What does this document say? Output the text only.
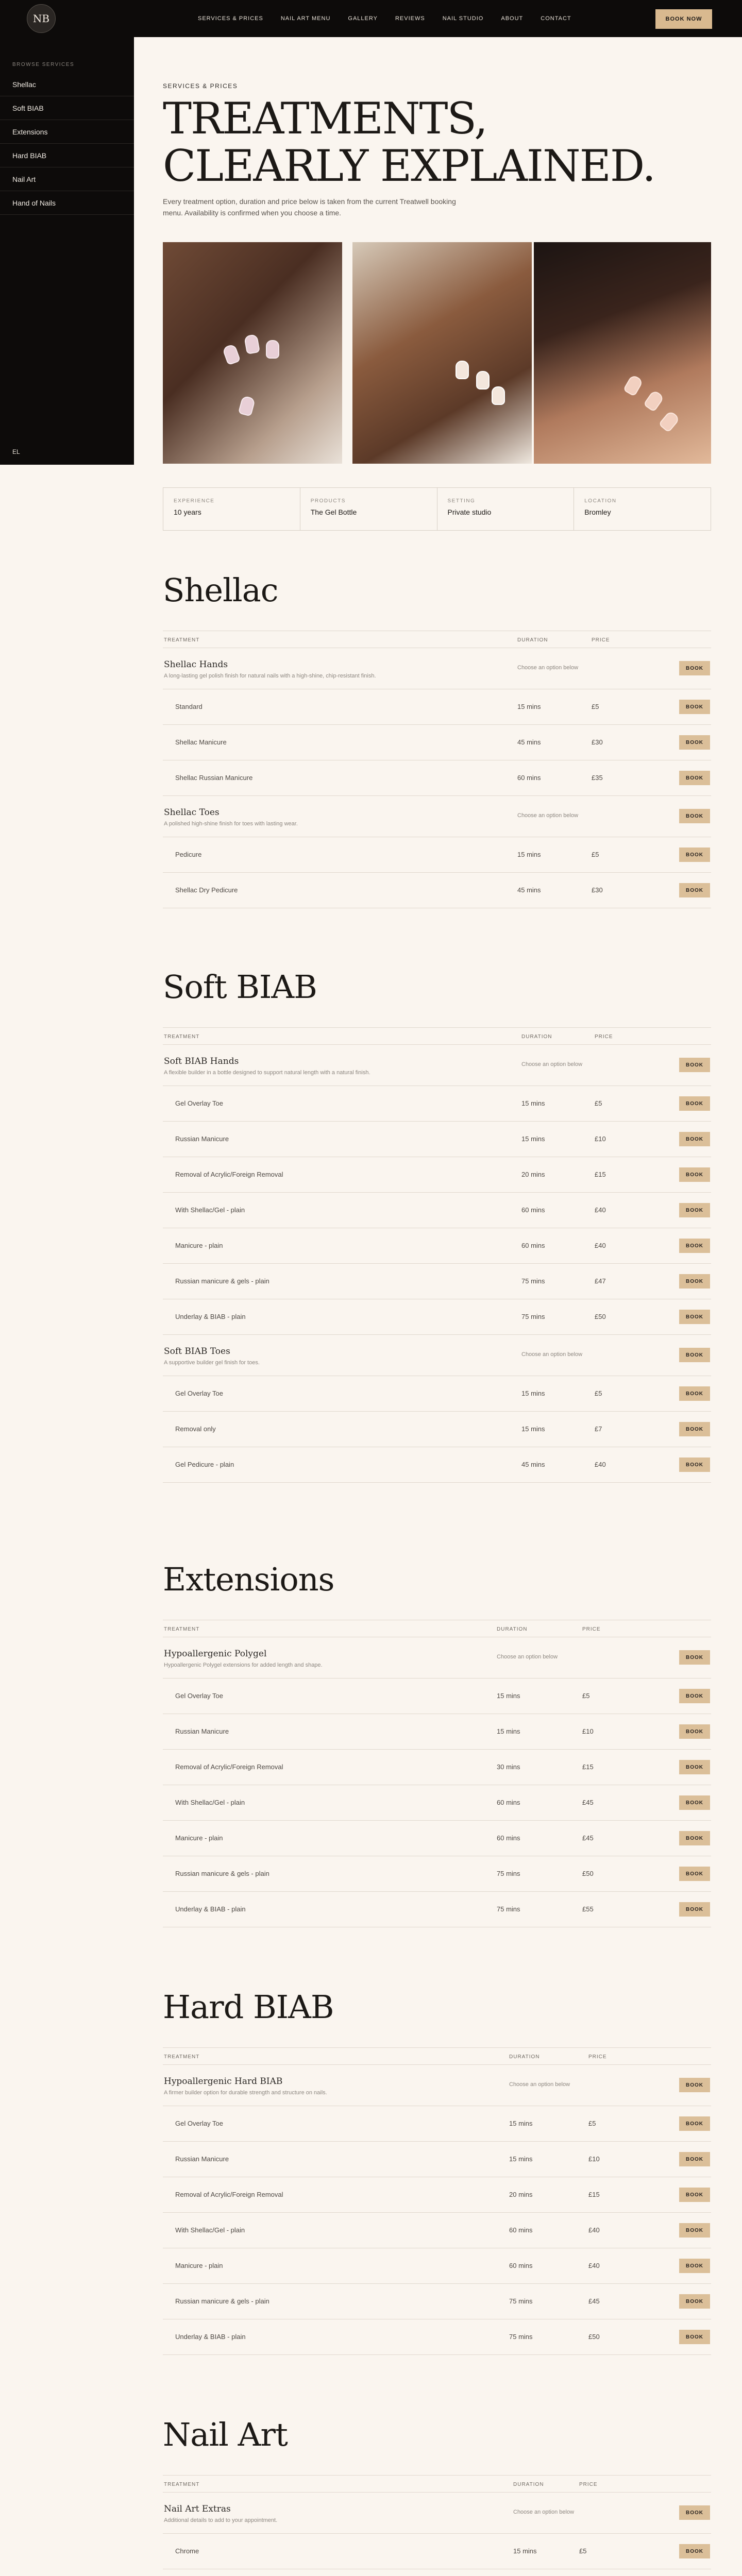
NB	SERVICES & PRICES	NAIL ART MENU	GALLERY	REVIEWS	NAIL STUDIO	ABOUT	CONTACT	BOOK NOW
BROWSE SERVICES
Shellac
Soft BIAB
Extensions
Hard BIAB
Nail Art
Hand of Nails
EL
SERVICES & PRICES
TREATMENTS, CLEARLY EXPLAINED.

Every treatment option, duration and price below is taken from the current Treatwell booking menu. Availability is confirmed when you choose a time.

EXPERIENCE
10 years
PRODUCTS
The Gel Bottle
SETTING
Private studio
LOCATION
Bromley
Shellac
TREATMENT	DURATION	PRICE
Shellac Hands
A long-lasting gel polish finish for natural nails with a high-shine, chip-resistant finish.
Choose an option below	BOOK
Standard	15 mins	£5	BOOK
Shellac Manicure	45 mins	£30	BOOK
Shellac Russian Manicure	60 mins	£35	BOOK
Shellac Toes
A polished high-shine finish for toes with lasting wear.
Choose an option below	BOOK
Pedicure	15 mins	£5	BOOK
Shellac Dry Pedicure	45 mins	£30	BOOK
Soft BIAB
TREATMENT	DURATION	PRICE
Soft BIAB Hands
A flexible builder in a bottle designed to support natural length with a natural finish.
Choose an option below	BOOK
Gel Overlay Toe	15 mins	£5	BOOK
Russian Manicure	15 mins	£10	BOOK
Removal of Acrylic/Foreign Removal	20 mins	£15	BOOK
With Shellac/Gel - plain	60 mins	£40	BOOK
Manicure - plain	60 mins	£40	BOOK
Russian manicure & gels - plain	75 mins	£47	BOOK
Underlay & BIAB - plain	75 mins	£50	BOOK
Soft BIAB Toes
A supportive builder gel finish for toes.
Choose an option below	BOOK
Gel Overlay Toe	15 mins	£5	BOOK
Removal only	15 mins	£7	BOOK
Gel Pedicure - plain	45 mins	£40	BOOK
Extensions
TREATMENT	DURATION	PRICE
Hypoallergenic Polygel
Hypoallergenic Polygel extensions for added length and shape.
Choose an option below	BOOK
Gel Overlay Toe	15 mins	£5	BOOK
Russian Manicure	15 mins	£10	BOOK
Removal of Acrylic/Foreign Removal	30 mins	£15	BOOK
With Shellac/Gel - plain	60 mins	£45	BOOK
Manicure - plain	60 mins	£45	BOOK
Russian manicure & gels - plain	75 mins	£50	BOOK
Underlay & BIAB - plain	75 mins	£55	BOOK
Hard BIAB
TREATMENT	DURATION	PRICE
Hypoallergenic Hard BIAB
A firmer builder option for durable strength and structure on nails.
Choose an option below	BOOK
Gel Overlay Toe	15 mins	£5	BOOK
Russian Manicure	15 mins	£10	BOOK
Removal of Acrylic/Foreign Removal	20 mins	£15	BOOK
With Shellac/Gel - plain	60 mins	£40	BOOK
Manicure - plain	60 mins	£40	BOOK
Russian manicure & gels - plain	75 mins	£45	BOOK
Underlay & BIAB - plain	75 mins	£50	BOOK
Nail Art
TREATMENT	DURATION	PRICE
Nail Art Extras
Additional details to add to your appointment.
Choose an option below	BOOK
Chrome	15 mins	£5	BOOK
